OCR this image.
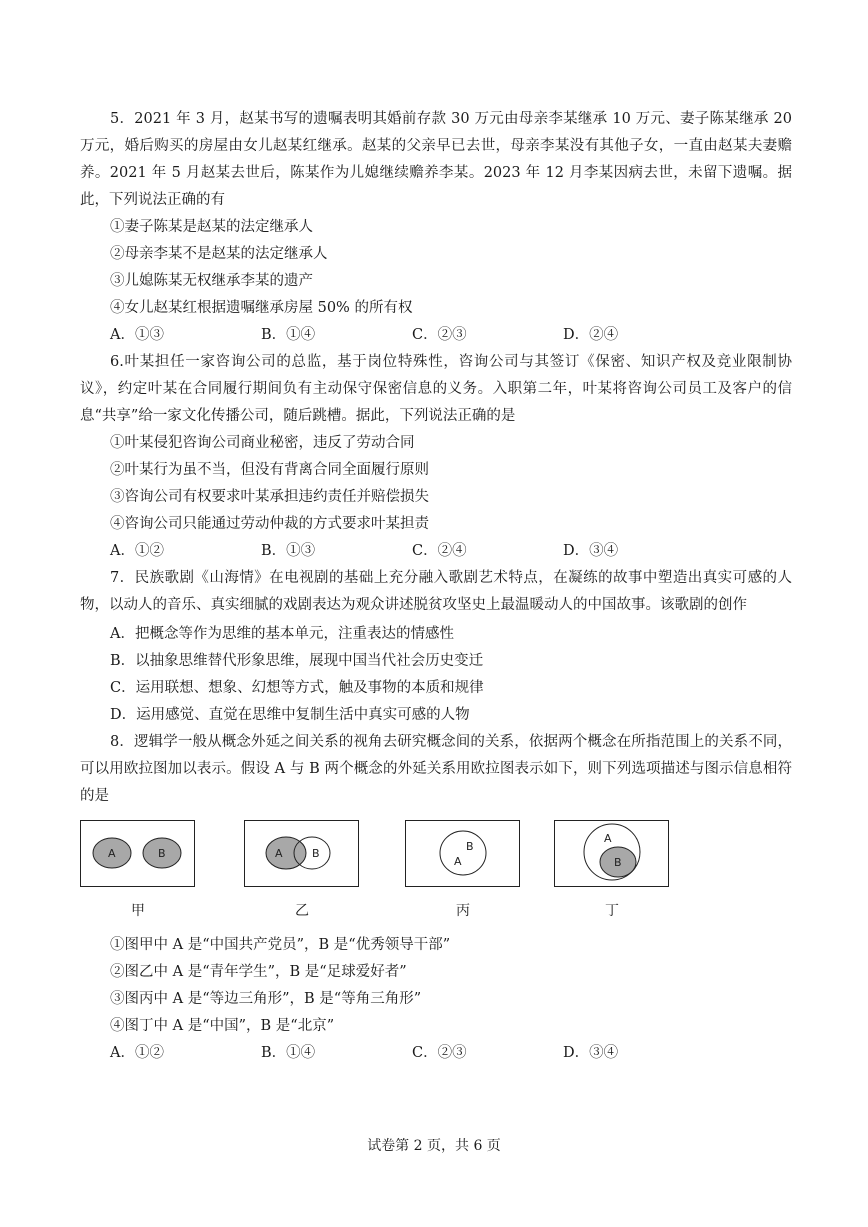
5．2021 年 3 月，赵某书写的遗嘱表明其婚前存款 30 万元由母亲李某继承 10 万元、妻子陈某继承 20万元，婚后购买的房屋由女儿赵某红继承。赵某的父亲早已去世，母亲李某没有其他子女，一直由赵某夫妻赡养。2021 年 5 月赵某去世后，陈某作为儿媳继续赡养李某。2023 年 12 月李某因病去世，未留下遗嘱。据此，下列说法正确的有

①妻子陈某是赵某的法定继承人
②母亲李某不是赵某的法定继承人
③儿媳陈某无权继承李某的遗产
④女儿赵某红根据遗嘱继承房屋 50% 的所有权
A．①③	B．①④	C．②③	D．②④

6.叶某担任一家咨询公司的总监，基于岗位特殊性，咨询公司与其签订《保密、知识产权及竞业限制协议》，约定叶某在合同履行期间负有主动保守保密信息的义务。入职第二年，叶某将咨询公司员工及客户的信息“共享”给一家文化传播公司，随后跳槽。据此，下列说法正确的是

①叶某侵犯咨询公司商业秘密，违反了劳动合同
②叶某行为虽不当，但没有背离合同全面履行原则
③咨询公司有权要求叶某承担违约责任并赔偿损失
④咨询公司只能通过劳动仲裁的方式要求叶某担责
A．①②	B．①③	C．②④	D．③④

7．民族歌剧《山海情》在电视剧的基础上充分融入歌剧艺术特点，在凝练的故事中塑造出真实可感的人物，以动人的音乐、真实细腻的戏剧表达为观众讲述脱贫攻坚史上最温暖动人的中国故事。该歌剧的创作

A．把概念等作为思维的基本单元，注重表达的情感性
B．以抽象思维替代形象思维，展现中国当代社会历史变迁
C．运用联想、想象、幻想等方式，触及事物的本质和规律
D．运用感觉、直觉在思维中复制生活中真实可感的人物

8．逻辑学一般从概念外延之间关系的视角去研究概念间的关系，依据两个概念在所指范围上的关系不同，可以用欧拉图加以表示。假设 A 与 B 两个概念的外延关系用欧拉图表示如下，则下列选项描述与图示信息相符的是

A	B
甲
A	B
乙
A
B
丙
A
B
丁
①图甲中 A 是“中国共产党员”，B 是“优秀领导干部”
②图乙中 A 是“青年学生”，B 是“足球爱好者”
③图丙中 A 是“等边三角形”，B 是“等角三角形”
④图丁中 A 是“中国”，B 是“北京”
A．①②	B．①④	C．②③	D．③④
试卷第 2 页，共 6 页
